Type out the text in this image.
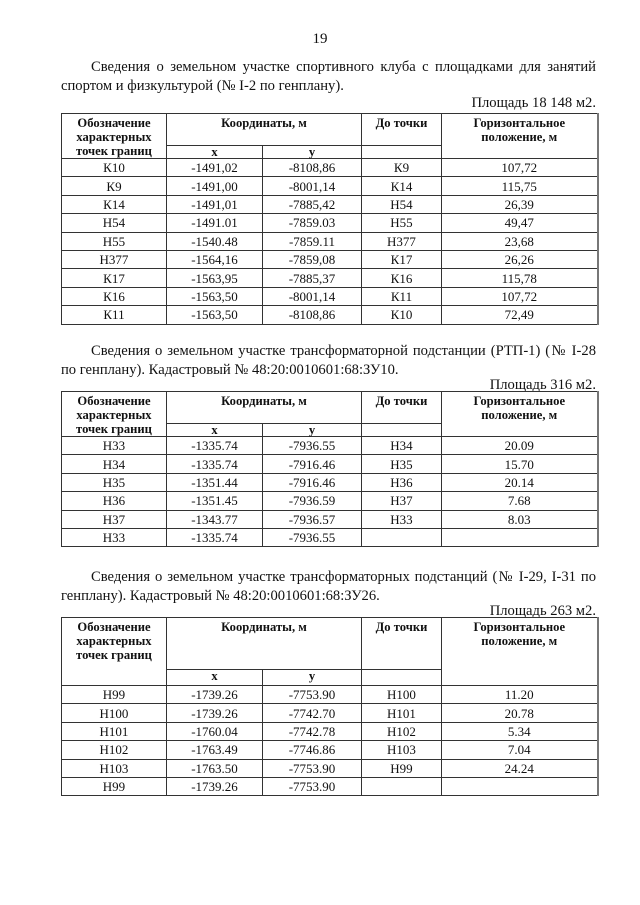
19
Сведения о земельном участке спортивного клуба с площадками для занятий спортом и физкультурой (№ I-2 по генплану).
Площадь 18 148 м2.
Обозначение характерных точек границ	Координаты, м		До точки	Горизонтальное положение, м
	x	y		
К10	-1491,02	-8108,86	К9	107,72
К9	-1491,00	-8001,14	К14	115,75
К14	-1491,01	-7885,42	Н54	26,39
Н54	-1491.01	-7859.03	Н55	49,47
Н55	-1540.48	-7859.11	Н377	23,68
Н377	-1564,16	-7859,08	К17	26,26
К17	-1563,95	-7885,37	К16	115,78
К16	-1563,50	-8001,14	К11	107,72
К11	-1563,50	-8108,86	К10	72,49
Сведения о земельном участке трансформаторной подстанции (РТП-1) (№ I-28 по генплану). Кадастровый № 48:20:0010601:68:ЗУ10.
Площадь 316 м2.
Обозначение характерных точек границ	Координаты, м		До точки	Горизонтальное положение, м
	x	y		
Н33	-1335.74	-7936.55	Н34	20.09
Н34	-1335.74	-7916.46	Н35	15.70
Н35	-1351.44	-7916.46	Н36	20.14
Н36	-1351.45	-7936.59	Н37	7.68
Н37	-1343.77	-7936.57	Н33	8.03
Н33	-1335.74	-7936.55		
Сведения о земельном участке трансформаторных подстанций (№ I-29, I-31 по генплану). Кадастровый № 48:20:0010601:68:ЗУ26.
Площадь 263 м2.
Обозначение характерных точек границ	Координаты, м		До точки	Горизонтальное положение, м
	x	y		
Н99	-1739.26	-7753.90	Н100	11.20
Н100	-1739.26	-7742.70	Н101	20.78
Н101	-1760.04	-7742.78	Н102	5.34
Н102	-1763.49	-7746.86	Н103	7.04
Н103	-1763.50	-7753.90	Н99	24.24
Н99	-1739.26	-7753.90		
